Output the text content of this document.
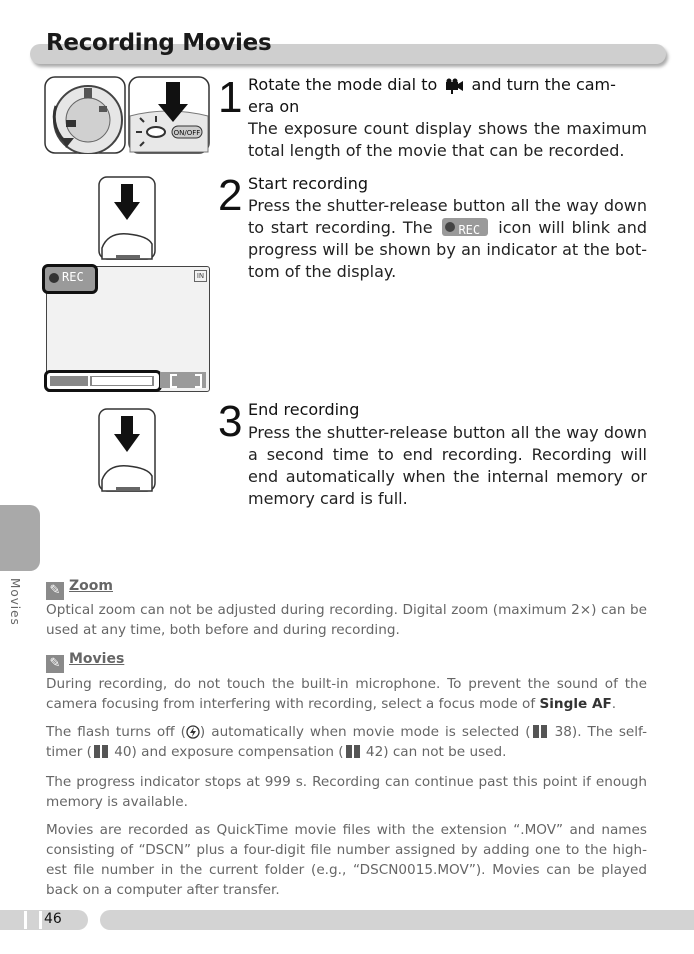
Recording Movies
ON/OFF
REC	IN
1 Rotate the mode dial to and turn the cam-
era on
The exposure count display shows the maximum total length of the movie that can be recorded.
2 Start recording
Press the shutter-release button all the way down to start recording. The REC icon will blink and progress will be shown by an indicator at the bot- tom of the display.
3 End recording
Press the shutter-release button all the way down a second time to end recording. Recording will end automatically when the internal memory or memory card is full.
Movies ✎ Zoom
Optical zoom can not be adjusted during recording. Digital zoom (maximum 2×) can be used at any time, both before and during recording.
✎ Movies
During recording, do not touch the built-in microphone. To prevent the sound of the camera focusing from interfering with recording, select a focus mode of Single AF.
The flash turns off ( ) automatically when movie mode is selected ( 38). The self-timer ( 40) and exposure compensation ( 42) can not be used.
The progress indicator stops at 999 s. Recording can continue past this point if enough memory is available.
Movies are recorded as QuickTime movie files with the extension “.MOV” and names consisting of “DSCN” plus a four-digit file number assigned by adding one to the high- est file number in the current folder (e.g., “DSCN0015.MOV”). Movies can be played back on a computer after transfer.
46
